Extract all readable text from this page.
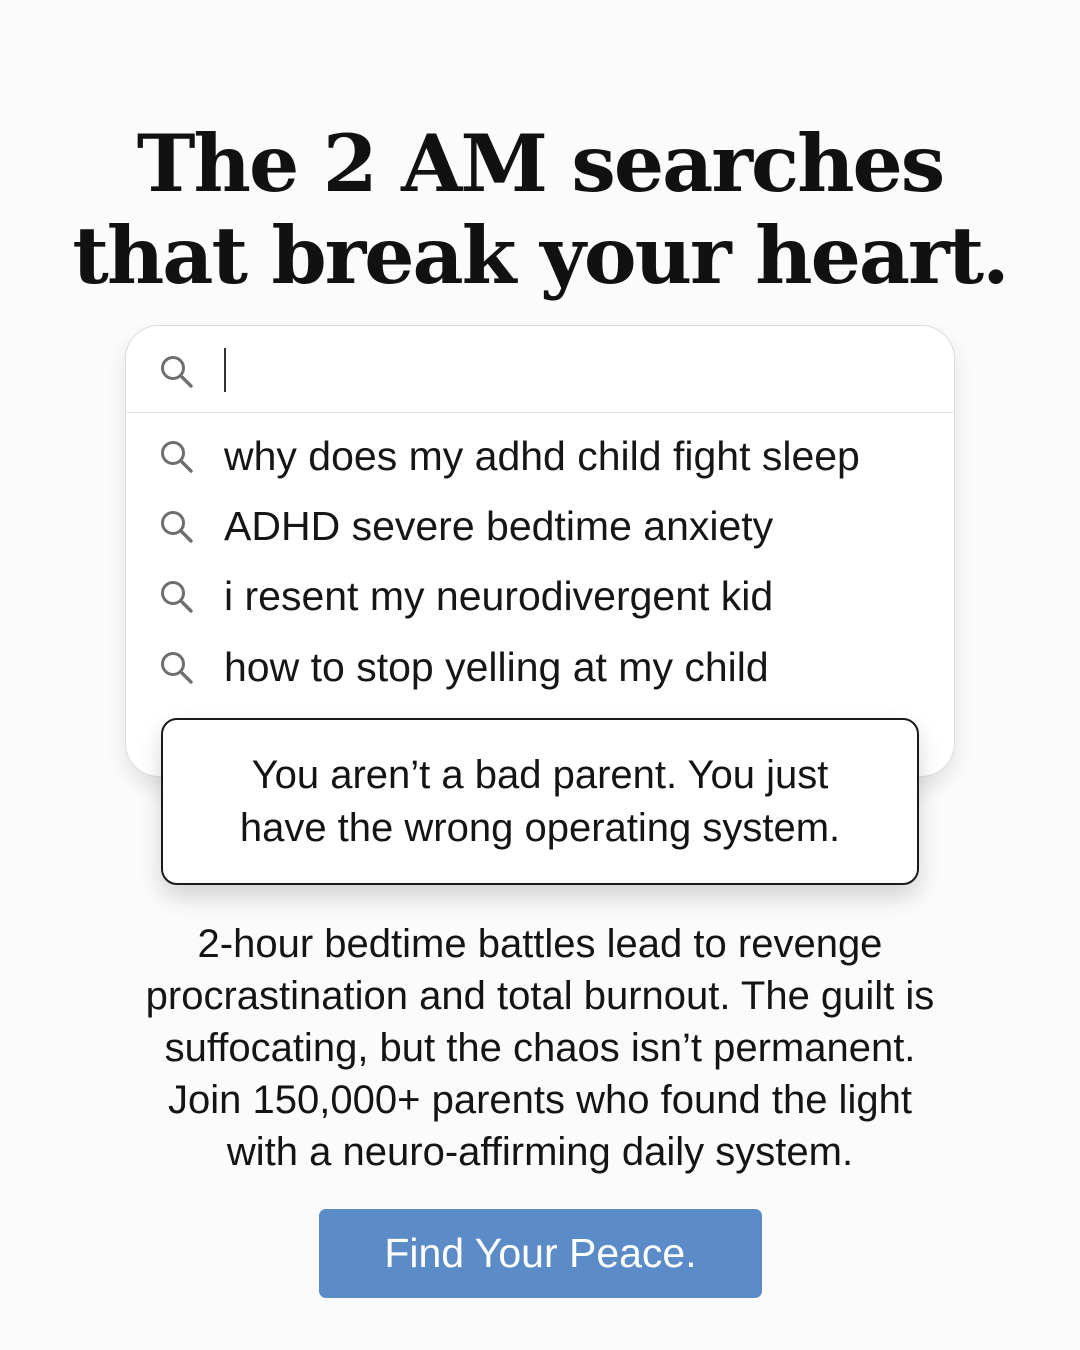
The 2 AM searches
that break your heart.
why does my adhd child fight sleep
ADHD severe bedtime anxiety
i resent my neurodivergent kid
how to stop yelling at my child

You aren’t a bad parent. You just
have the wrong operating system.

2-hour bedtime battles lead to revenge
procrastination and total burnout. The guilt is
suffocating, but the chaos isn’t permanent.
Join 150,000+ parents who found the light
with a neuro-affirming daily system.

Find Your Peace.
